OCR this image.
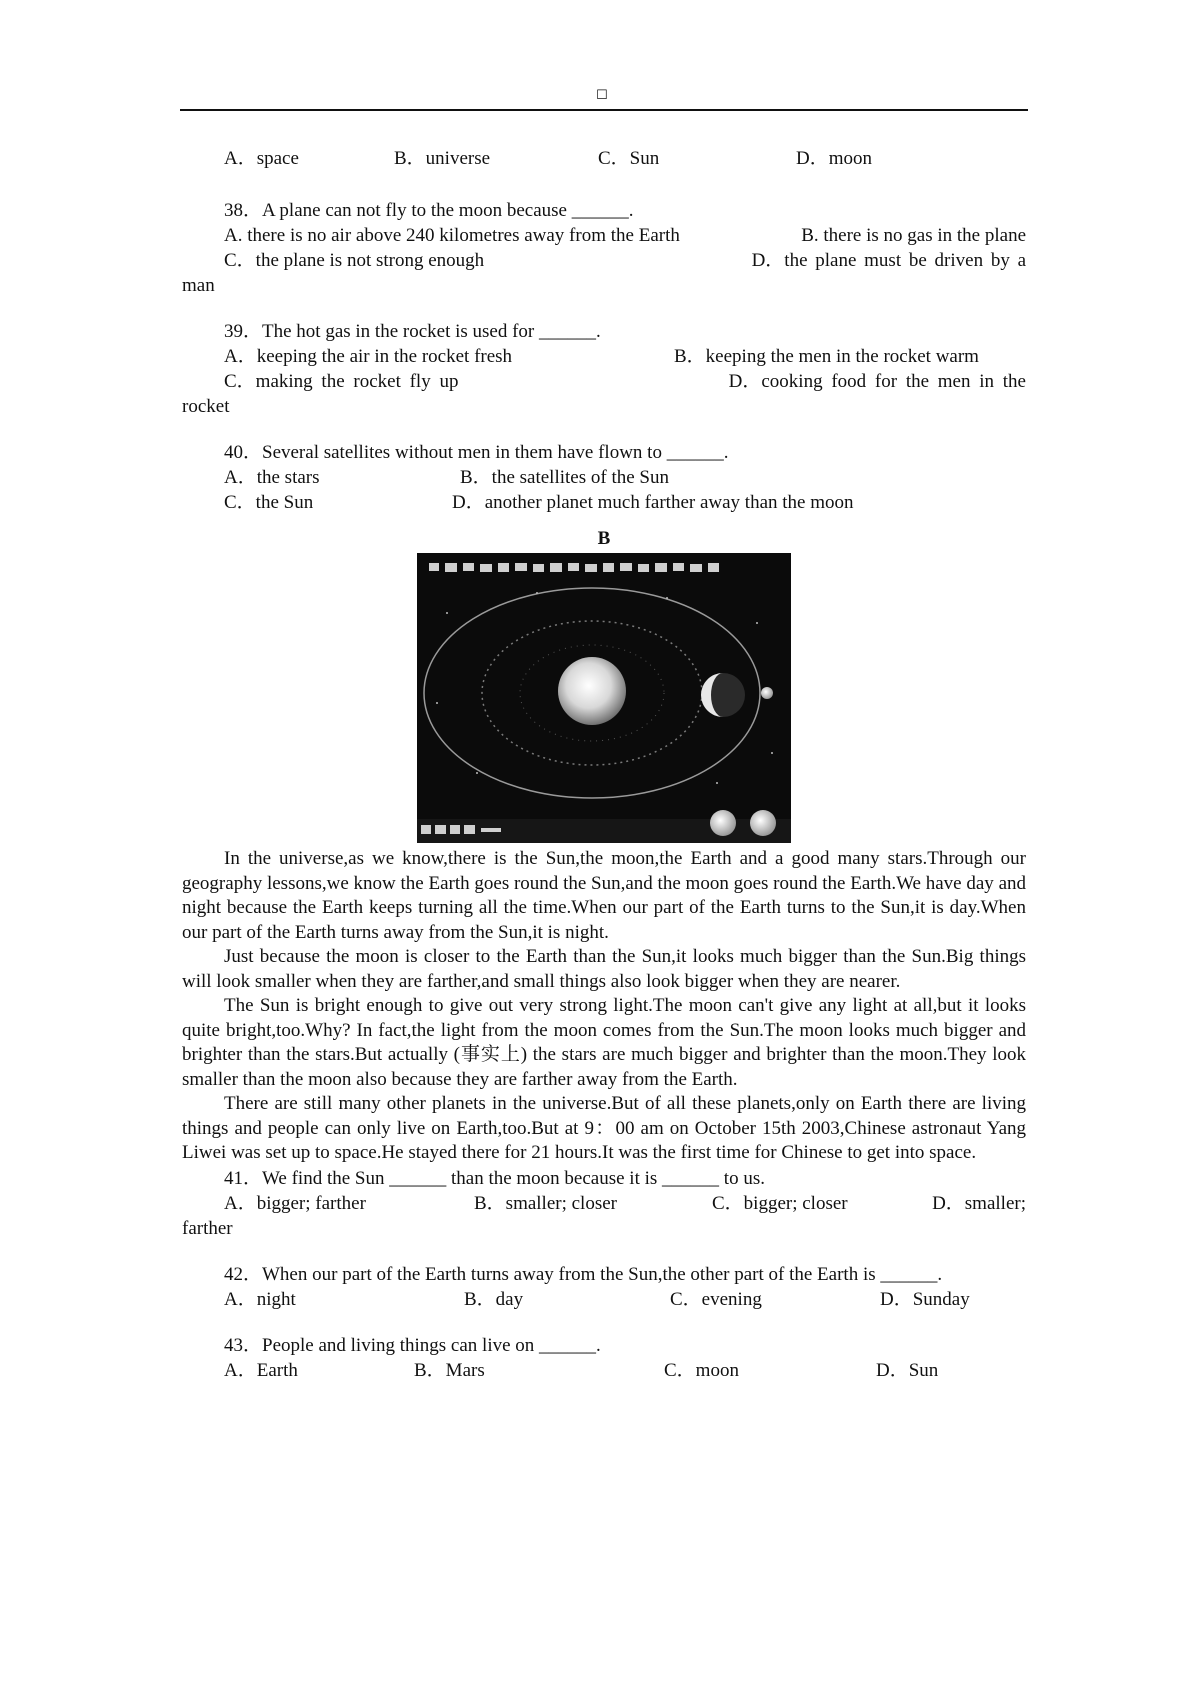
☐
A．space	B．universe	C．Sun	D．moon
38．A plane can not fly to the moon because ______.
A. there is no air above 240 kilometres away from the Earth	B. there is no gas in the plane
C．the plane is not strong enough	D．the plane must be driven by a
man
39．The hot gas in the rocket is used for ______.
A．keeping the air in the rocket fresh	B．keeping the men in the rocket warm
C．making the rocket fly up	D．cooking food for the men in the
rocket
40．Several satellites without men in them have flown to ______.
A．the stars	B．the satellites of the Sun
C．the Sun	D．another planet much farther away than the moon
B
In the universe,as we know,there is the Sun,the moon,the Earth and a good many stars.Through our geography lessons,we know the Earth goes round the Sun,and the moon goes round the Earth.We have day and night because the Earth keeps turning all the time.When our part of the Earth turns to the Sun,it is day.When our part of the Earth turns away from the Sun,it is night.
Just because the moon is closer to the Earth than the Sun,it looks much bigger than the Sun.Big things will look smaller when they are farther,and small things also look bigger when they are nearer.
The Sun is bright enough to give out very strong light.The moon can't give any light at all,but it looks quite bright,too.Why? In fact,the light from the moon comes from the Sun.The moon looks much bigger and brighter than the stars.But actually (事实上) the stars are much bigger and brighter than the moon.They look smaller than the moon also because they are farther away from the Earth.
There are still many other planets in the universe.But of all these planets,only on Earth there are living things and people can only live on Earth,too.But at 9：00 am on October 15th 2003,Chinese astronaut Yang Liwei was set up to space.He stayed there for 21 hours.It was the first time for Chinese to get into space.
41．We find the Sun ______ than the moon because it is ______ to us.
A．bigger; farther	B．smaller; closer	C．bigger; closer	D．smaller;
farther
42．When our part of the Earth turns away from the Sun,the other part of the Earth is ______.
A．night	B．day	C．evening	D．Sunday
43．People and living things can live on ______.
A．Earth	B．Mars	C．moon	D．Sun
